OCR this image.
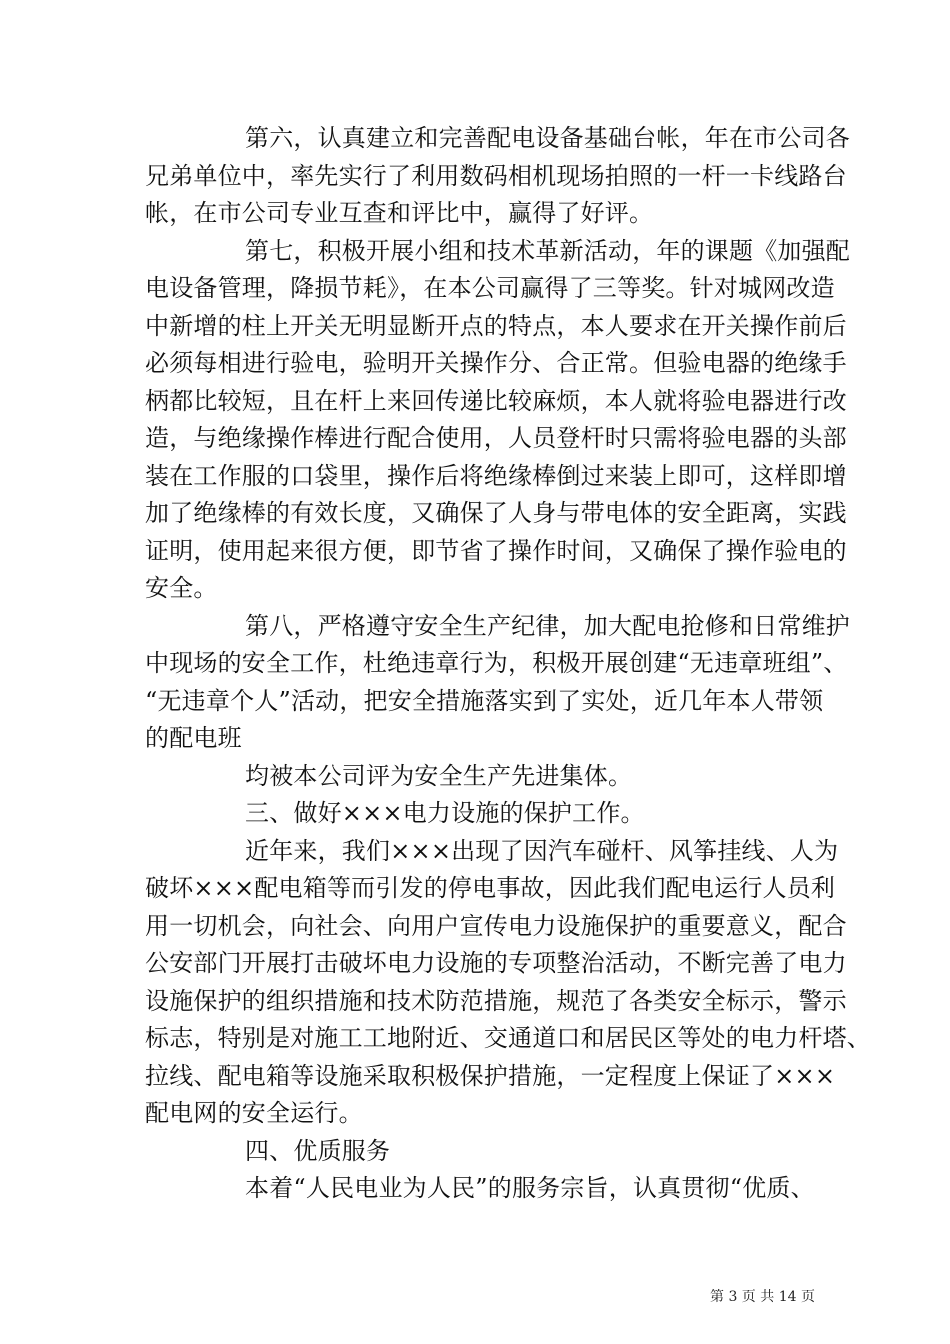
第六，认真建立和完善配电设备基础台帐，年在市公司各
兄弟单位中，率先实行了利用数码相机现场拍照的一杆一卡线路台
帐，在市公司专业互查和评比中，赢得了好评。
第七，积极开展小组和技术革新活动，年的课题《加强配
电设备管理，降损节耗》，在本公司赢得了三等奖。针对城网改造
中新增的柱上开关无明显断开点的特点，本人要求在开关操作前后
必须每相进行验电，验明开关操作分、合正常。但验电器的绝缘手
柄都比较短，且在杆上来回传递比较麻烦，本人就将验电器进行改
造，与绝缘操作棒进行配合使用，人员登杆时只需将验电器的头部
装在工作服的口袋里，操作后将绝缘棒倒过来装上即可，这样即增
加了绝缘棒的有效长度，又确保了人身与带电体的安全距离，实践
证明，使用起来很方便，即节省了操作时间，又确保了操作验电的
安全。
第八，严格遵守安全生产纪律，加大配电抢修和日常维护
中现场的安全工作，杜绝违章行为，积极开展创建“无违章班组”、
“无违章个人”活动，把安全措施落实到了实处，近几年本人带领
的配电班
均被本公司评为安全生产先进集体。
三、做好×××电力设施的保护工作。
近年来，我们×××出现了因汽车碰杆、风筝挂线、人为
破坏×××配电箱等而引发的停电事故，因此我们配电运行人员利
用一切机会，向社会、向用户宣传电力设施保护的重要意义，配合
公安部门开展打击破坏电力设施的专项整治活动，不断完善了电力
设施保护的组织措施和技术防范措施，规范了各类安全标示，警示
标志，特别是对施工工地附近、交通道口和居民区等处的电力杆塔、
拉线、配电箱等设施采取积极保护措施，一定程度上保证了×××
配电网的安全运行。
四、优质服务
本着“人民电业为人民”的服务宗旨，认真贯彻“优质、
第 3 页 共 14 页
